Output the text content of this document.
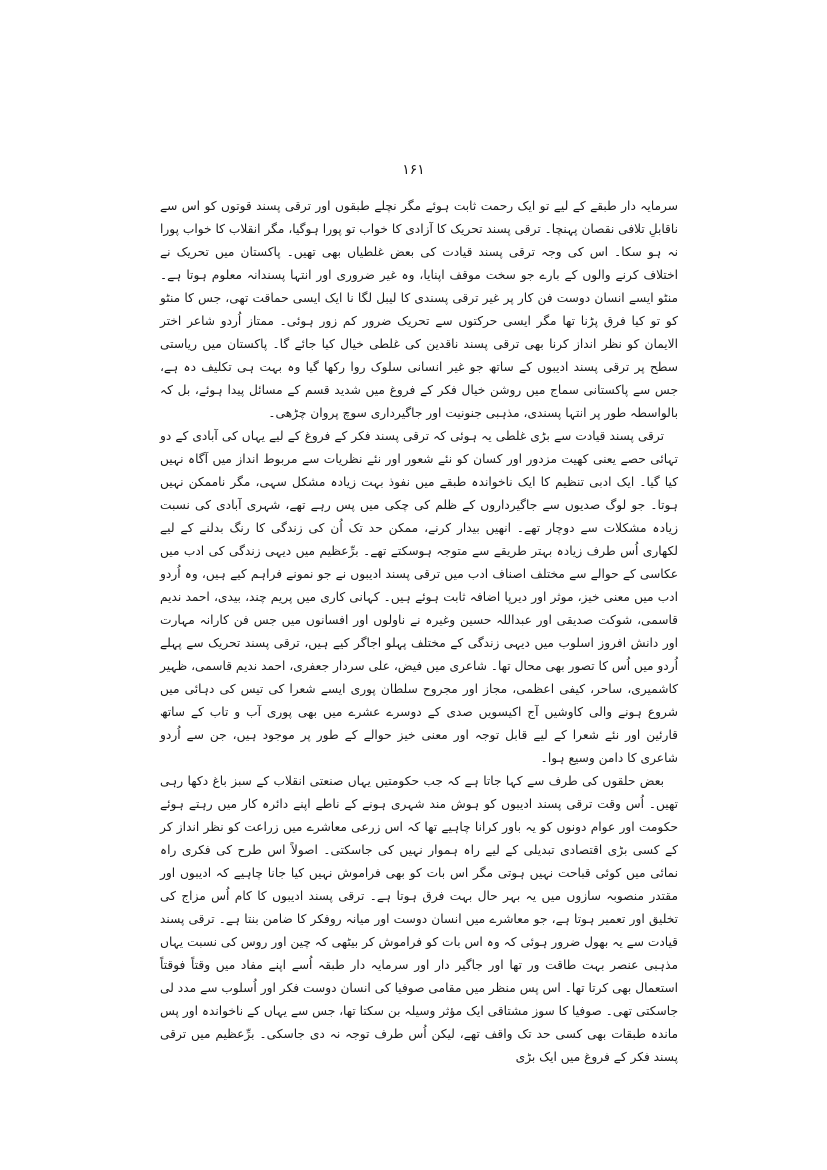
۱۶۱

سرمایہ دار طبقے کے لیے تو ایک رحمت ثابت ہوئے مگر نچلے طبقوں اور ترقی پسند قوتوں کو اس سے ناقابلِ تلافی نقصان پہنچا۔ ترقی پسند تحریک کا آزادی کا خواب تو پورا ہوگیا، مگر انقلاب کا خواب پورا نہ ہو سکا۔ اس کی وجہ ترقی پسند قیادت کی بعض غلطیاں بھی تھیں۔ پاکستان میں تحریک نے اختلاف کرنے والوں کے بارے جو سخت موقف اپنایا، وہ غیر ضروری اور انتہا پسندانہ معلوم ہوتا ہے۔ منٹو ایسے انسان دوست فن کار پر غیر ترقی پسندی کا لیبل لگا نا ایک ایسی حماقت تھی، جس کا منٹو کو تو کیا فرق پڑنا تھا مگر ایسی حرکتوں سے تحریک ضرور کم زور ہوئی۔ ممتاز اُردو شاعر اختر الایمان کو نظر انداز کرنا بھی ترقی پسند ناقدین کی غلطی خیال کیا جائے گا۔ پاکستان میں ریاستی سطح پر ترقی پسند ادیبوں کے ساتھ جو غیر انسانی سلوک روا رکھا گیا وہ بہت ہی تکلیف دہ ہے، جس سے پاکستانی سماج میں روشن خیال فکر کے فروغ میں شدید قسم کے مسائل پیدا ہوئے، بل کہ بالواسطہ طور پر انتہا پسندی، مذہبی جنونیت اور جاگیرداری سوچ پروان چڑھی۔

ترقی پسند قیادت سے بڑی غلطی یہ ہوئی کہ ترقی پسند فکر کے فروغ کے لیے یہاں کی آبادی کے دو تہائی حصے یعنی کھیت مزدور اور کسان کو نئے شعور اور نئے نظریات سے مربوط انداز میں آگاہ نہیں کیا گیا۔ ایک ادبی تنظیم کا ایک ناخواندہ طبقے میں نفوذ بہت زیادہ مشکل سہی، مگر ناممکن نہیں ہوتا۔ جو لوگ صدیوں سے جاگیرداروں کے ظلم کی چکی میں پس رہے تھے، شہری آبادی کی نسبت زیادہ مشکلات سے دوچار تھے۔ انھیں بیدار کرنے، ممکن حد تک اُن کی زندگی کا رنگ بدلنے کے لیے لکھاری اُس طرف زیادہ بہتر طریقے سے متوجہ ہوسکتے تھے۔ برِّعظیم میں دیہی زندگی کی ادب میں عکاسی کے حوالے سے مختلف اصناف ادب میں ترقی پسند ادیبوں نے جو نمونے فراہم کیے ہیں، وہ اُردو ادب میں معنی خیز، موثر اور دیرپا اضافہ ثابت ہوئے ہیں۔ کہانی کاری میں پریم چند، بیدی، احمد ندیم قاسمی، شوکت صدیقی اور عبداللہ حسین وغیرہ نے ناولوں اور افسانوں میں جس فن کارانہ مہارت اور دانش افروز اسلوب میں دیہی زندگی کے مختلف پہلو اجاگر کیے ہیں، ترقی پسند تحریک سے پہلے اُردو میں اُس کا تصور بھی محال تھا۔ شاعری میں فیض، علی سردار جعفری، احمد ندیم قاسمی، ظہیر کاشمیری، ساحر، کیفی اعظمی، مجاز اور مجروح سلطان پوری ایسے شعرا کی تیس کی دہائی میں شروع ہونے والی کاوشیں آج اکیسویں صدی کے دوسرے عشرے میں بھی پوری آب و تاب کے ساتھ قارئین اور نئے شعرا کے لیے قابل توجہ اور معنی خیز حوالے کے طور پر موجود ہیں، جن سے اُردو شاعری کا دامن وسیع ہوا۔

بعض حلقوں کی طرف سے کہا جاتا ہے کہ جب حکومتیں یہاں صنعتی انقلاب کے سبز باغ دکھا رہی تھیں۔ اُس وقت ترقی پسند ادیبوں کو ہوش مند شہری ہونے کے ناطے اپنے دائرہ کار میں رہتے ہوئے حکومت اور عوام دونوں کو یہ باور کرانا چاہیے تھا کہ اس زرعی معاشرے میں زراعت کو نظر انداز کر کے کسی بڑی اقتصادی تبدیلی کے لیے راہ ہموار نہیں کی جاسکتی۔ اصولاً اس طرح کی فکری راہ نمائی میں کوئی قباحت نہیں ہوتی مگر اس بات کو بھی فراموش نہیں کیا جانا چاہیے کہ ادیبوں اور مقتدر منصوبہ سازوں میں یہ بہر حال بہت فرق ہوتا ہے۔ ترقی پسند ادیبوں کا کام اُس مزاج کی تخلیق اور تعمیر ہوتا ہے، جو معاشرے میں انسان دوست اور میانہ روفکر کا ضامن بنتا ہے۔ ترقی پسند قیادت سے یہ بھول ضرور ہوئی کہ وہ اس بات کو فراموش کر بیٹھی کہ چین اور روس کی نسبت یہاں مذہبی عنصر بہت طاقت ور تھا اور جاگیر دار اور سرمایہ دار طبقہ اُسے اپنے مفاد میں وقتاً فوقتاً استعمال بھی کرتا تھا۔ اس پس منظر میں مقامی صوفیا کی انسان دوست فکر اور اُسلوب سے مدد لی جاسکتی تھی۔ صوفیا کا سوز مشتاقی ایک مؤثر وسیلہ بن سکتا تھا، جس سے یہاں کے ناخواندہ اور پس ماندہ طبقات بھی کسی حد تک واقف تھے، لیکن اُس طرف توجہ نہ دی جاسکی۔ برِّعظیم میں ترقی پسند فکر کے فروغ میں ایک بڑی
